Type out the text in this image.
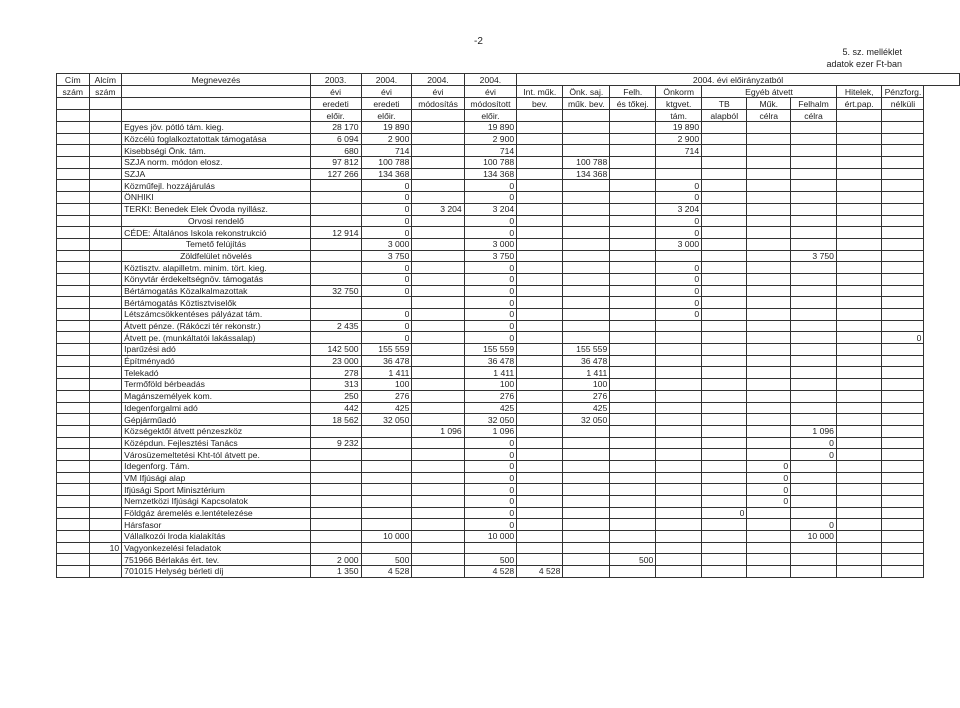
-2
5. sz. melléklet
adatok ezer Ft-ban
Cím	Alcím	Megnevezés	2003.	2004.	2004.	2004.	2004. évi előirányzatból								
szám	szám		évi	évi	évi	évi	Int. műk.	Önk. saj.	Felh.	Önkorm	Egyéb átvett			Hitelek,	Pénzforg.
			eredeti	eredeti	módosítás	módosított	bev.	műk. bev.	és tőkej.	ktgvet.	TB	Műk.	Felhalm	ért.pap.	nélküli
			előir.	előir.		előir.				tám.	alapból	célra	célra		
		Egyes jöv. pótló tám. kieg.	28 170	19 890		19 890				19 890					
		Közcélú foglalkoztatottak támogatása	6 094	2 900		2 900				2 900					
		Kisebbségi Önk. tám.	680	714		714				714					
		SZJA norm. módon elosz.	97 812	100 788		100 788		100 788							
		SZJA	127 266	134 368		134 368		134 368							
		Közműfejl. hozzájárulás		0		0				0					
		ÖNHIKI		0		0				0					
		TERKI: Benedek Elek Óvoda nyillász.		0	3 204	3 204				3 204					
		Orvosi rendelő		0		0				0					
		CÉDE: Általános Iskola rekonstrukció	12 914	0		0				0					
		Temető felújítás		3 000		3 000				3 000					
		Zöldfelület növelés		3 750		3 750							3 750		
		Köztisztv. alapilletm. minim. tört. kieg.		0		0				0					
		Könyvtár érdekeltségnöv. támogatás		0		0				0					
		Bértámogatás Közalkalmazottak	32 750	0		0				0					
		Bértámogatás Köztisztviselők				0				0					
		Létszámcsökkentéses pályázat tám.		0		0				0					
		Átvett pénze. (Rákóczi tér rekonstr.)	2 435	0		0									
		Átvett pe. (munkáltatói lakássalap)		0		0									0
		Iparűzési adó	142 500	155 559		155 559		155 559							
		Építményadó	23 000	36 478		36 478		36 478							
		Telekadó	278	1 411		1 411		1 411							
		Termőföld bérbeadás	313	100		100		100							
		Magánszemélyek kom.	250	276		276		276							
		Idegenforgalmi adó	442	425		425		425							
		Gépjárműadó	18 562	32 050		32 050		32 050							
		Községektől átvett pénzeszköz			1 096	1 096							1 096		
		Középdun. Fejlesztési Tanács	9 232			0							0		
		Városüzemeltetési Kht-tól átvett pe.				0							0		
		Idegenforg. Tám.				0						0			
		VM Ifjúsági alap				0						0			
		Ifjúsági Sport Minisztérium				0						0			
		Nemzetközi Ifjúsági Kapcsolatok				0						0			
		Földgáz áremelés e.lentételezése				0					0				
		Hársfasor				0							0		
		Vállalkozói Iroda kialakítás		10 000		10 000							10 000		
	10	Vagyonkezelési feladatok													
		751966 Bérlakás ért. tev.	2 000	500		500			500						
		701015 Helység bérleti díj	1 350	4 528		4 528	4 528								
